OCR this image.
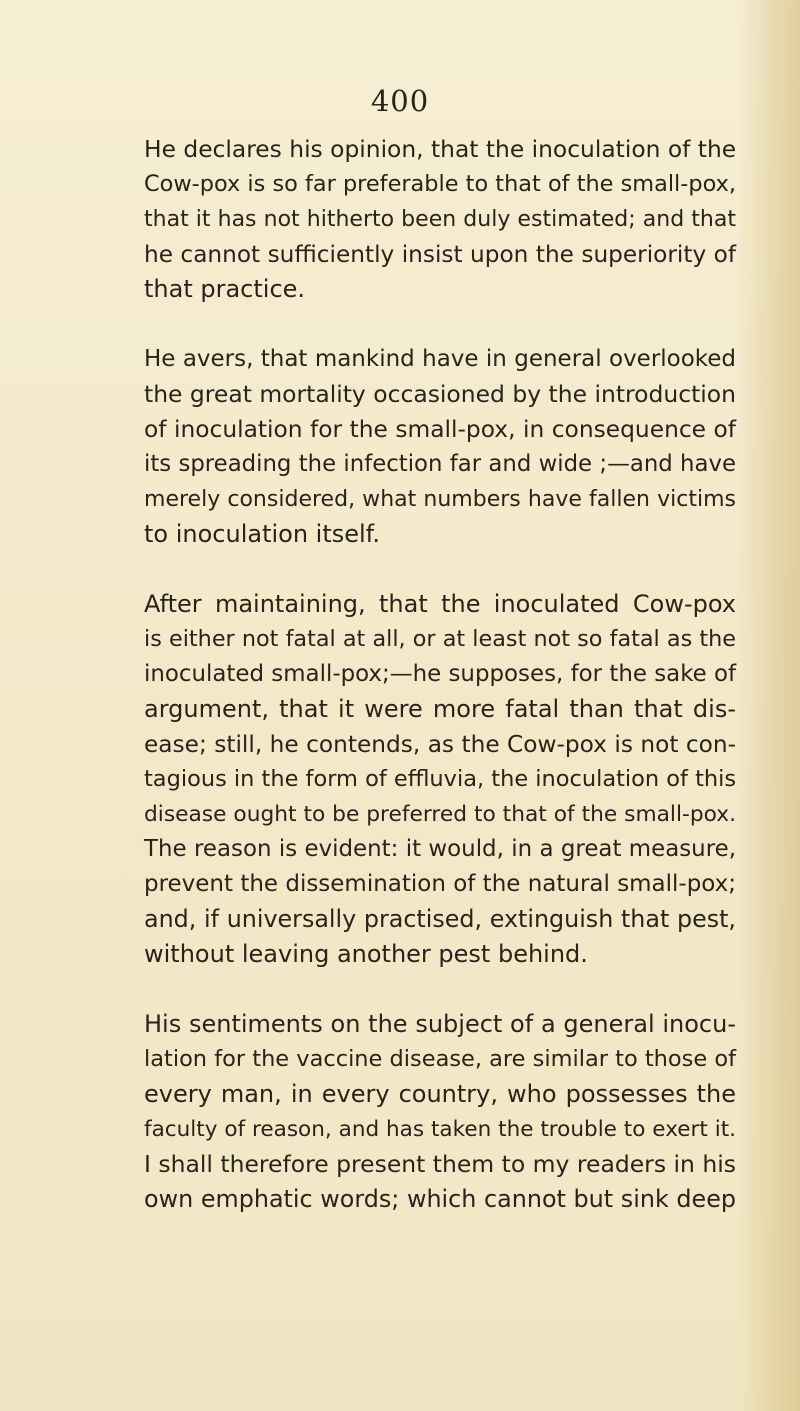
400
He declares his opinion, that the inoculation of the
Cow-pox is so far preferable to that of the small-pox,
that it has not hitherto been duly estimated; and that
he cannot sufficiently insist upon the superiority of
that practice.
He avers, that mankind have in general overlooked
the great mortality occasioned by the introduction
of inoculation for the small-pox, in consequence of
its spreading the infection far and wide ;—and have
merely considered, what numbers have fallen victims
to inoculation itself.
After maintaining, that the inoculated Cow-pox
is either not fatal at all, or at least not so fatal as the
inoculated small-pox;—he supposes, for the sake of
argument, that it were more fatal than that dis-
ease; still, he contends, as the Cow-pox is not con-
tagious in the form of effluvia, the inoculation of this
disease ought to be preferred to that of the small-pox.
The reason is evident: it would, in a great measure,
prevent the dissemination of the natural small-pox;
and, if universally practised, extinguish that pest,
without leaving another pest behind.
His sentiments on the subject of a general inocu-
lation for the vaccine disease, are similar to those of
every man, in every country, who possesses the
faculty of reason, and has taken the trouble to exert it.
I shall therefore present them to my readers in his
own emphatic words; which cannot but sink deep
